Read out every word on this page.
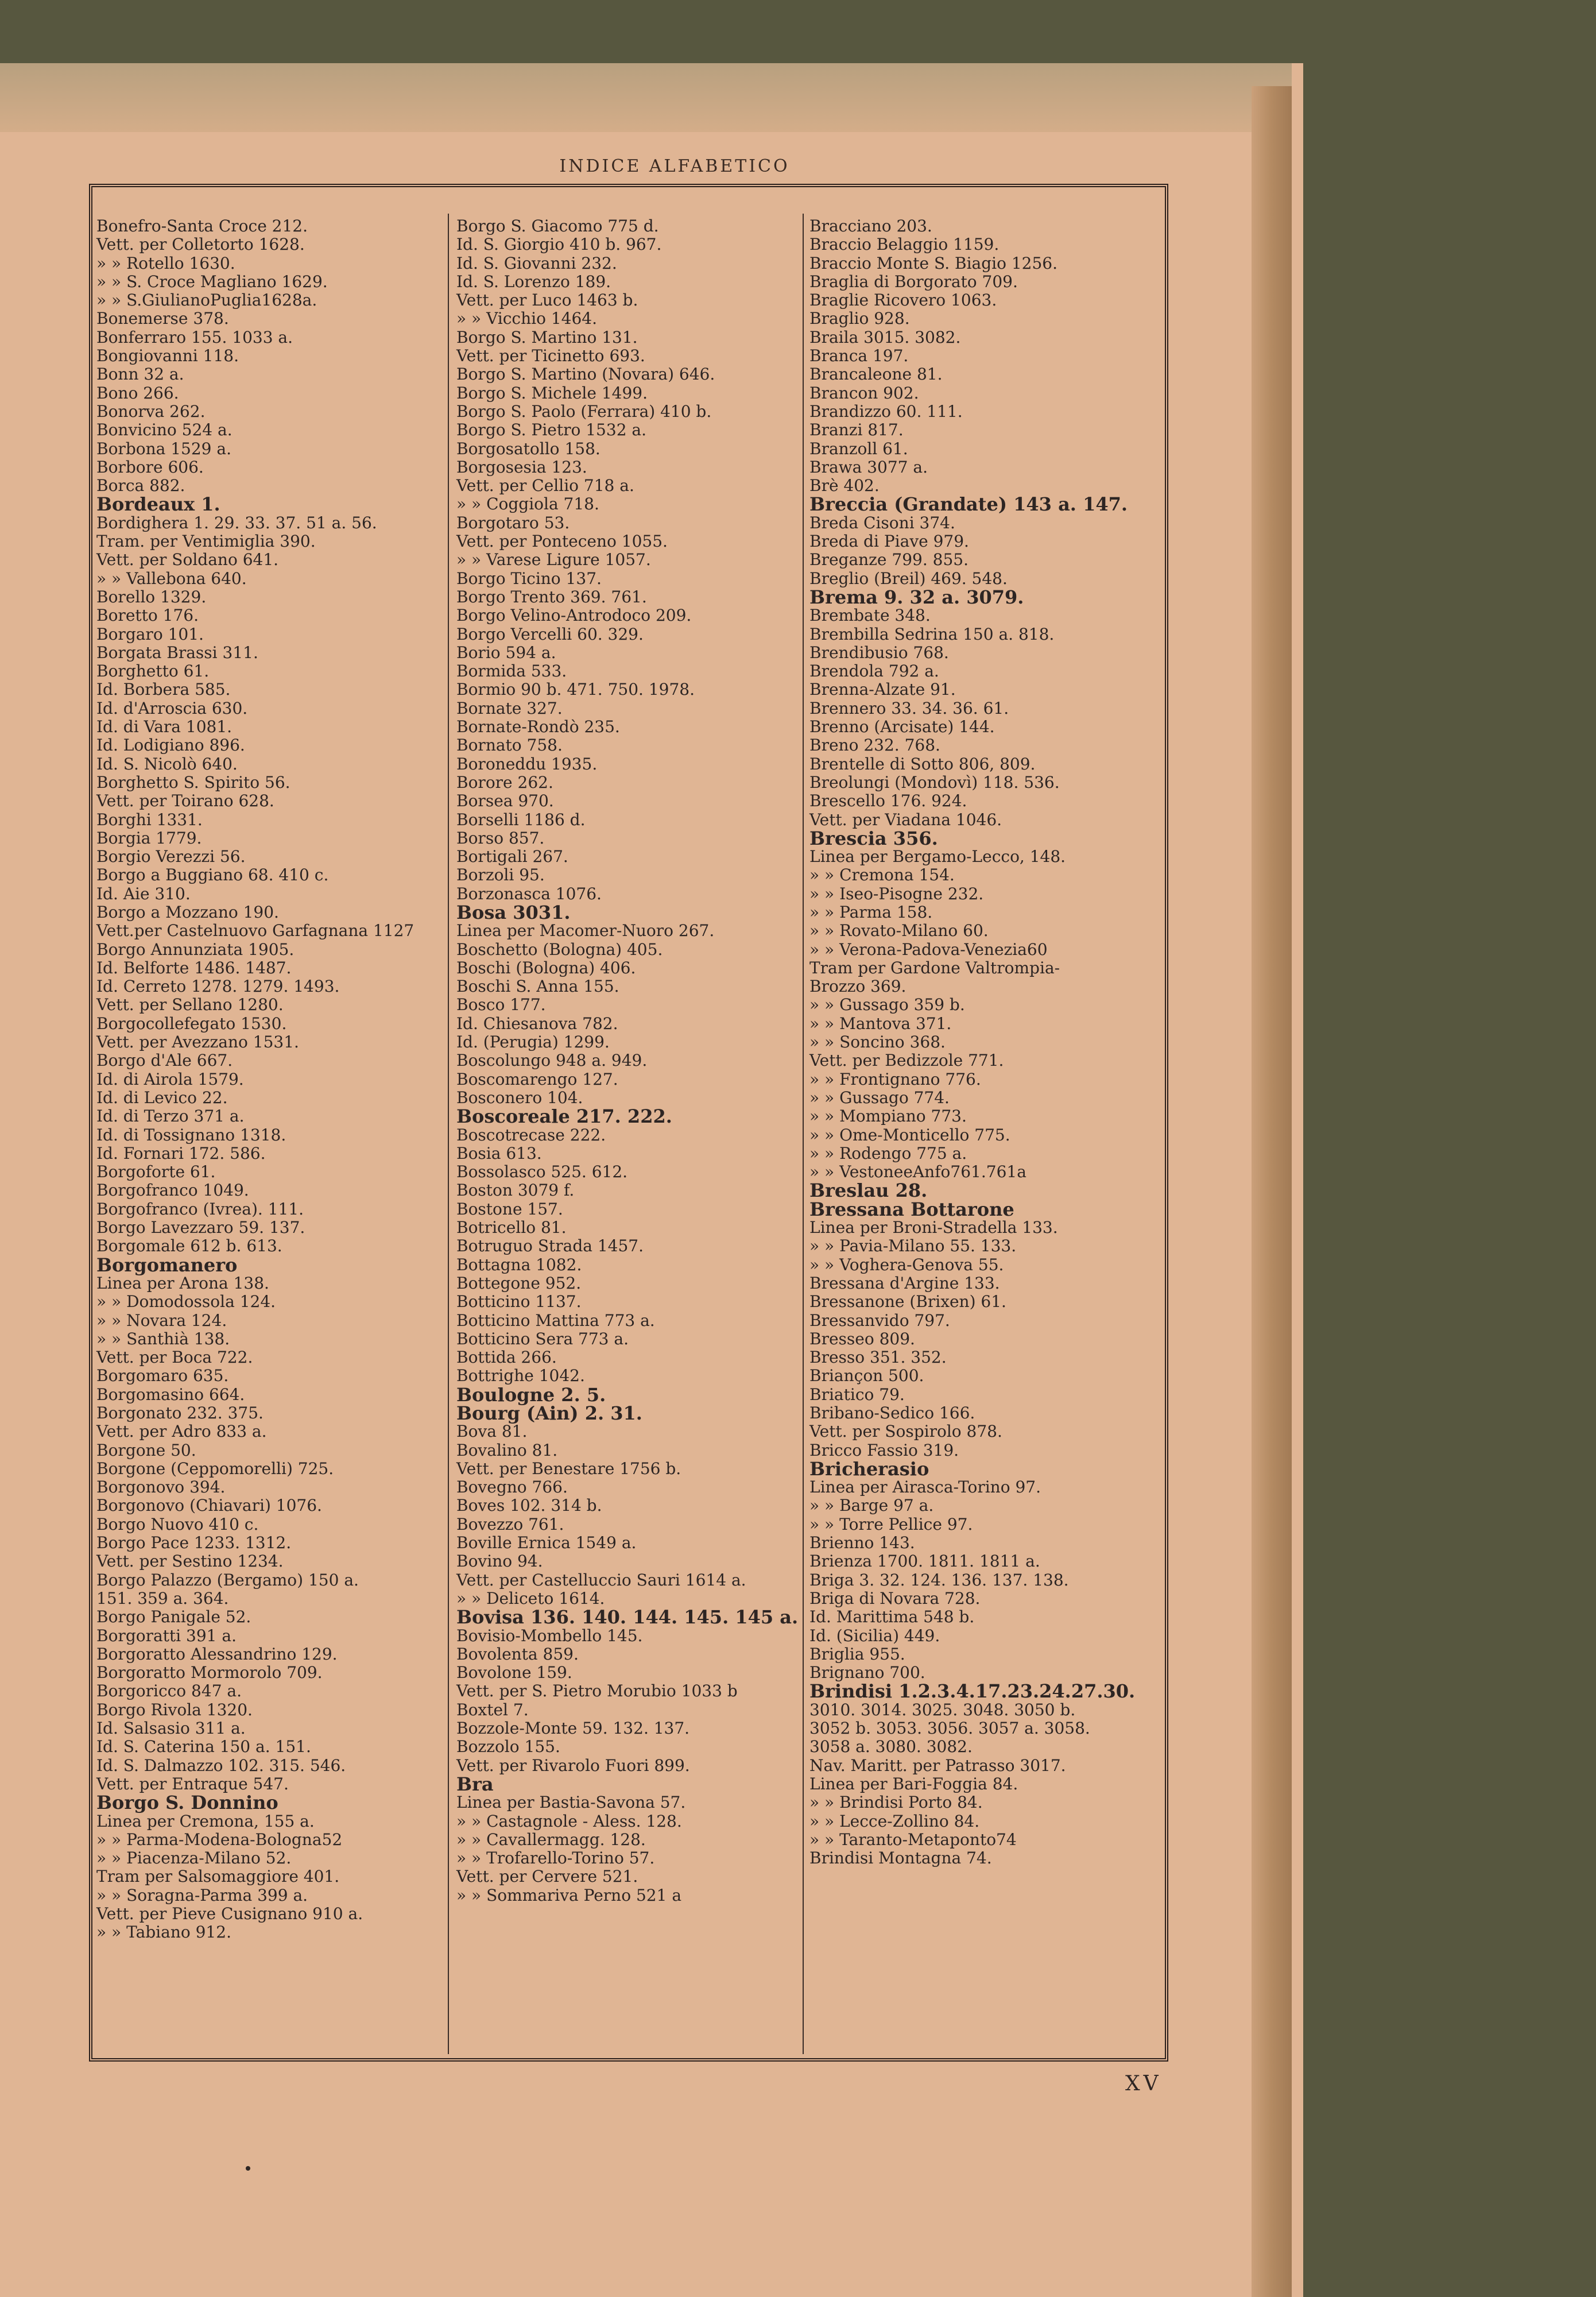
INDICE ALFABETICO
Bonefro-Santa Croce 212.
Vett. per Colletorto 1628.
» » Rotello 1630.
» » S. Croce Magliano 1629.
» » S.GiulianoPuglia1628a.
Bonemerse 378.
Bonferraro 155. 1033 a.
Bongiovanni 118.
Bonn 32 a.
Bono 266.
Bonorva 262.
Bonvicino 524 a.
Borbona 1529 a.
Borbore 606.
Borca 882.
Bordeaux 1.
Bordighera 1. 29. 33. 37. 51 a. 56.
Tram. per Ventimiglia 390.
Vett. per Soldano 641.
» » Vallebona 640.
Borello 1329.
Boretto 176.
Borgaro 101.
Borgata Brassi 311.
Borghetto 61.
Id. Borbera 585.
Id. d'Arroscia 630.
Id. di Vara 1081.
Id. Lodigiano 896.
Id. S. Nicolò 640.
Borghetto S. Spirito 56.
Vett. per Toirano 628.
Borghi 1331.
Borgia 1779.
Borgio Verezzi 56.
Borgo a Buggiano 68. 410 c.
Id. Aie 310.
Borgo a Mozzano 190.
Vett.per Castelnuovo Garfagnana 1127
Borgo Annunziata 1905.
Id. Belforte 1486. 1487.
Id. Cerreto 1278. 1279. 1493.
Vett. per Sellano 1280.
Borgocollefegato 1530.
Vett. per Avezzano 1531.
Borgo d'Ale 667.
Id. di Airola 1579.
Id. di Levico 22.
Id. di Terzo 371 a.
Id. di Tossignano 1318.
Id. Fornari 172. 586.
Borgoforte 61.
Borgofranco 1049.
Borgofranco (Ivrea). 111.
Borgo Lavezzaro 59. 137.
Borgomale 612 b. 613.
Borgomanero
Linea per Arona 138.
» » Domodossola 124.
» » Novara 124.
» » Santhià 138.
Vett. per Boca 722.
Borgomaro 635.
Borgomasino 664.
Borgonato 232. 375.
Vett. per Adro 833 a.
Borgone 50.
Borgone (Ceppomorelli) 725.
Borgonovo 394.
Borgonovo (Chiavari) 1076.
Borgo Nuovo 410 c.
Borgo Pace 1233. 1312.
Vett. per Sestino 1234.
Borgo Palazzo (Bergamo) 150 a.
151. 359 a. 364.
Borgo Panigale 52.
Borgoratti 391 a.
Borgoratto Alessandrino 129.
Borgoratto Mormorolo 709.
Borgoricco 847 a.
Borgo Rivola 1320.
Id. Salsasio 311 a.
Id. S. Caterina 150 a. 151.
Id. S. Dalmazzo 102. 315. 546.
Vett. per Entraque 547.
Borgo S. Donnino
Linea per Cremona, 155 a.
» » Parma-Modena-Bologna52
» » Piacenza-Milano 52.
Tram per Salsomaggiore 401.
» » Soragna-Parma 399 a.
Vett. per Pieve Cusignano 910 a.
» » Tabiano 912.
Borgo S. Giacomo 775 d.
Id. S. Giorgio 410 b. 967.
Id. S. Giovanni 232.
Id. S. Lorenzo 189.
Vett. per Luco 1463 b.
» » Vicchio 1464.
Borgo S. Martino 131.
Vett. per Ticinetto 693.
Borgo S. Martino (Novara) 646.
Borgo S. Michele 1499.
Borgo S. Paolo (Ferrara) 410 b.
Borgo S. Pietro 1532 a.
Borgosatollo 158.
Borgosesia 123.
Vett. per Cellio 718 a.
» » Coggiola 718.
Borgotaro 53.
Vett. per Ponteceno 1055.
» » Varese Ligure 1057.
Borgo Ticino 137.
Borgo Trento 369. 761.
Borgo Velino-Antrodoco 209.
Borgo Vercelli 60. 329.
Borio 594 a.
Bormida 533.
Bormio 90 b. 471. 750. 1978.
Bornate 327.
Bornate-Rondò 235.
Bornato 758.
Boroneddu 1935.
Borore 262.
Borsea 970.
Borselli 1186 d.
Borso 857.
Bortigali 267.
Borzoli 95.
Borzonasca 1076.
Bosa 3031.
Linea per Macomer-Nuoro 267.
Boschetto (Bologna) 405.
Boschi (Bologna) 406.
Boschi S. Anna 155.
Bosco 177.
Id. Chiesanova 782.
Id. (Perugia) 1299.
Boscolungo 948 a. 949.
Boscomarengo 127.
Bosconero 104.
Boscoreale 217. 222.
Boscotrecase 222.
Bosia 613.
Bossolasco 525. 612.
Boston 3079 f.
Bostone 157.
Botricello 81.
Botruguo Strada 1457.
Bottagna 1082.
Bottegone 952.
Botticino 1137.
Botticino Mattina 773 a.
Botticino Sera 773 a.
Bottida 266.
Bottrighe 1042.
Boulogne 2. 5.
Bourg (Ain) 2. 31.
Bova 81.
Bovalino 81.
Vett. per Benestare 1756 b.
Bovegno 766.
Boves 102. 314 b.
Bovezzo 761.
Boville Ernica 1549 a.
Bovino 94.
Vett. per Castelluccio Sauri 1614 a.
» » Deliceto 1614.
Bovisa 136. 140. 144. 145. 145 a.
Bovisio-Mombello 145.
Bovolenta 859.
Bovolone 159.
Vett. per S. Pietro Morubio 1033 b
Boxtel 7.
Bozzole-Monte 59. 132. 137.
Bozzolo 155.
Vett. per Rivarolo Fuori 899.
Bra
Linea per Bastia-Savona 57.
» » Castagnole - Aless. 128.
» » Cavallermagg. 128.
» » Trofarello-Torino 57.
Vett. per Cervere 521.
» » Sommariva Perno 521 a
Bracciano 203.
Braccio Belaggio 1159.
Braccio Monte S. Biagio 1256.
Braglia di Borgorato 709.
Braglie Ricovero 1063.
Braglio 928.
Braila 3015. 3082.
Branca 197.
Brancaleone 81.
Brancon 902.
Brandizzo 60. 111.
Branzi 817.
Branzoll 61.
Brawa 3077 a.
Brè 402.
Breccia (Grandate) 143 a. 147.
Breda Cisoni 374.
Breda di Piave 979.
Breganze 799. 855.
Breglio (Breil) 469. 548.
Brema 9. 32 a. 3079.
Brembate 348.
Brembilla Sedrina 150 a. 818.
Brendibusio 768.
Brendola 792 a.
Brenna-Alzate 91.
Brennero 33. 34. 36. 61.
Brenno (Arcisate) 144.
Breno 232. 768.
Brentelle di Sotto 806, 809.
Breolungi (Mondovì) 118. 536.
Brescello 176. 924.
Vett. per Viadana 1046.
Brescia 356.
Linea per Bergamo-Lecco, 148.
» » Cremona 154.
» » Iseo-Pisogne 232.
» » Parma 158.
» » Rovato-Milano 60.
» » Verona-Padova-Venezia60
Tram per Gardone Valtrompia-
Brozzo 369.
» » Gussago 359 b.
» » Mantova 371.
» » Soncino 368.
Vett. per Bedizzole 771.
» » Frontignano 776.
» » Gussago 774.
» » Mompiano 773.
» » Ome-Monticello 775.
» » Rodengo 775 a.
» » VestoneeAnfo761.761a
Breslau 28.
Bressana Bottarone
Linea per Broni-Stradella 133.
» » Pavia-Milano 55. 133.
» » Voghera-Genova 55.
Bressana d'Argine 133.
Bressanone (Brixen) 61.
Bressanvido 797.
Bresseo 809.
Bresso 351. 352.
Briançon 500.
Briatico 79.
Bribano-Sedico 166.
Vett. per Sospirolo 878.
Bricco Fassio 319.
Bricherasio
Linea per Airasca-Torino 97.
» » Barge 97 a.
» » Torre Pellice 97.
Brienno 143.
Brienza 1700. 1811. 1811 a.
Briga 3. 32. 124. 136. 137. 138.
Briga di Novara 728.
Id. Marittima 548 b.
Id. (Sicilia) 449.
Briglia 955.
Brignano 700.
Brindisi 1.2.3.4.17.23.24.27.30.
3010. 3014. 3025. 3048. 3050 b.
3052 b. 3053. 3056. 3057 a. 3058.
3058 a. 3080. 3082.
Nav. Maritt. per Patrasso 3017.
Linea per Bari-Foggia 84.
» » Brindisi Porto 84.
» » Lecce-Zollino 84.
» » Taranto-Metaponto74
Brindisi Montagna 74.
XV
